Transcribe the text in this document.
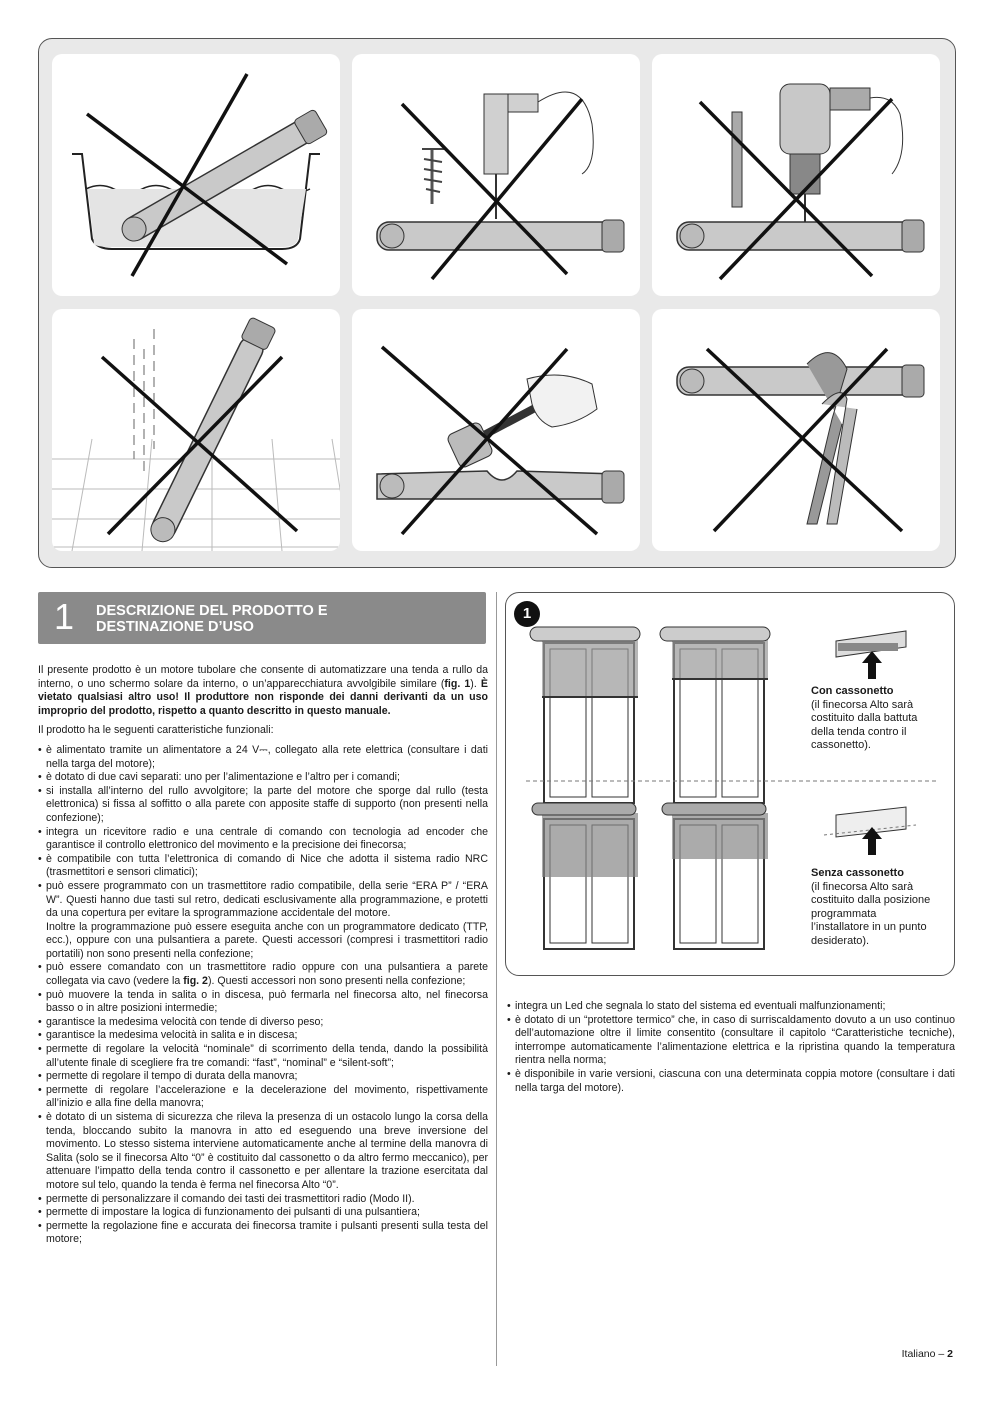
1 DESCRIZIONE DEL PRODOTTO E
DESTINAZIONE D’USO

Il presente prodotto è un motore tubolare che consente di automatizzare una tenda a rullo da interno, o uno schermo solare da interno, o un’apparecchiatura avvolgibile similare (fig. 1). È vietato qualsiasi altro uso! Il produttore non risponde dei danni derivanti da un uso improprio del prodotto, rispetto a quanto descritto in questo manuale.

Il prodotto ha le seguenti caratteristiche funzionali:

• è alimentato tramite un alimentatore a 24 V⎓, collegato alla rete elettrica (consultare i dati nella targa del motore);
• è dotato di due cavi separati: uno per l’alimentazione e l’altro per i comandi;
• si installa all’interno del rullo avvolgitore; la parte del motore che sporge dal rullo (testa elettronica) si fissa al soffitto o alla parete con apposite staffe di supporto (non presenti nella confezione);
• integra un ricevitore radio e una centrale di comando con tecnologia ad encoder che garantisce il controllo elettronico del movimento e la precisione dei finecorsa;
• è compatibile con tutta l’elettronica di comando di Nice che adotta il sistema radio NRC (trasmettitori e sensori climatici);
• può essere programmato con un trasmettitore radio compatibile, della serie “ERA P” / “ERA W”. Questi hanno due tasti sul retro, dedicati esclusivamente alla programmazione, e protetti da una copertura per evitare la sprogrammazione accidentale del motore.

Inoltre la programmazione può essere eseguita anche con un programmatore dedicato (TTP, ecc.), oppure con una pulsantiera a parete. Questi accessori (compresi i trasmettitori radio portatili) non sono presenti nella confezione;

• può essere comandato con un trasmettitore radio oppure con una pulsantiera a parete collegata via cavo (vedere la fig. 2). Questi accessori non sono presenti nella confezione;
• può muovere la tenda in salita o in discesa, può fermarla nel finecorsa alto, nel finecorsa basso o in altre posizioni intermedie;
• garantisce la medesima velocità con tende di diverso peso;
• garantisce la medesima velocità in salita e in discesa;
• permette di regolare la velocità “nominale” di scorrimento della tenda, dando la possibilità all’utente finale di scegliere fra tre comandi: “fast”, “nominal” e “silent-soft”;
• permette di regolare il tempo di durata della manovra;
• permette di regolare l’accelerazione e la decelerazione del movimento, rispettivamente all’inizio e alla fine della manovra;
• è dotato di un sistema di sicurezza che rileva la presenza di un ostacolo lungo la corsa della tenda, bloccando subito la manovra in atto ed eseguendo una breve inversione del movimento. Lo stesso sistema interviene automaticamente anche al termine della manovra di Salita (solo se il finecorsa Alto “0” è costituito dal cassonetto o da altro fermo meccanico), per attenuare l’impatto della tenda contro il cassonetto e per allentare la trazione esercitata dal motore sul telo, quando la tenda è ferma nel finecorsa Alto “0”.
• permette di personalizzare il comando dei tasti dei trasmettitori radio (Modo II).
• permette di impostare la logica di funzionamento dei pulsanti di una pulsantiera;
• permette la regolazione fine e accurata dei finecorsa tramite i pulsanti presenti sulla testa del motore;
1
Con cassonetto
(il finecorsa Alto sarà costituito dalla battuta della tenda contro il cassonetto).
Senza cassonetto
(il finecorsa Alto sarà costituito dalla posizione programmata l’installatore in un punto desiderato).
• integra un Led che segnala lo stato del sistema ed eventuali malfunzionamenti;
• è dotato di un “protettore termico” che, in caso di surriscaldamento dovuto a un uso continuo dell’automazione oltre il limite consentito (consultare il capitolo “Caratteristiche tecniche), interrompe automaticamente l’alimentazione elettrica e la ripristina quando la temperatura rientra nella norma;
• è disponibile in varie versioni, ciascuna con una determinata coppia motore (consultare i dati nella targa del motore).
Italiano – 2
